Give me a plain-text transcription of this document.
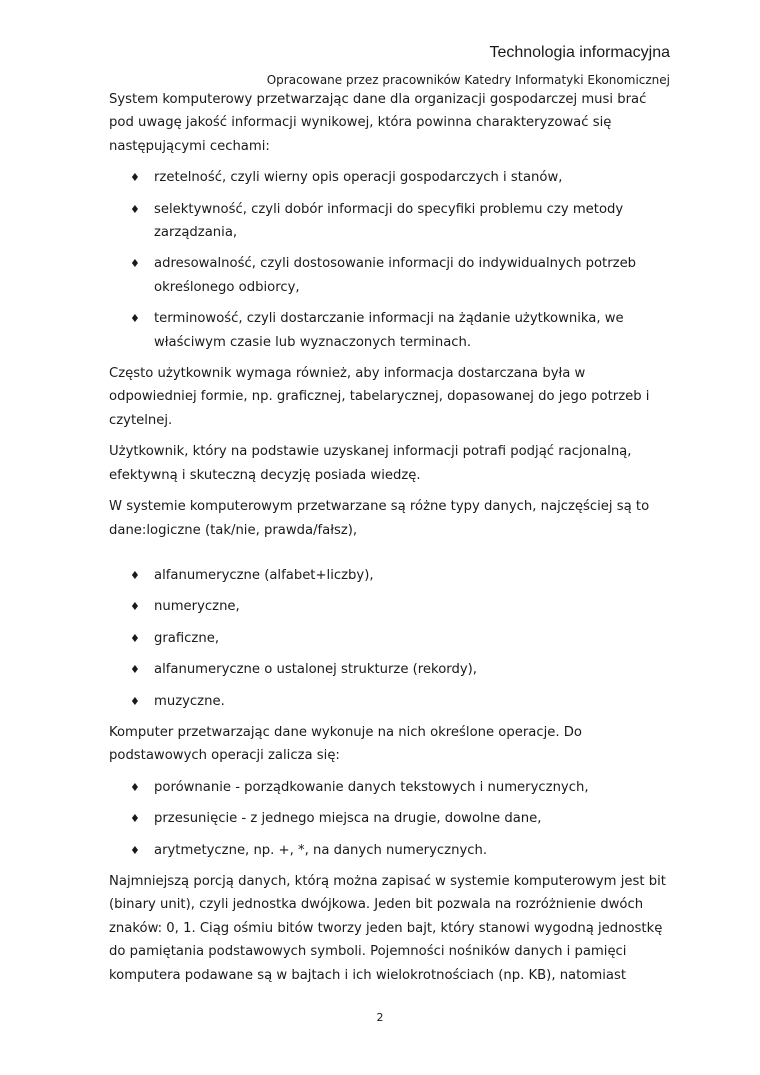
Technologia informacyjna
Opracowane przez pracowników Katedry Informatyki Ekonomicznej

System komputerowy przetwarzając dane dla organizacji gospodarczej musi brać pod uwagę jakość informacji wynikowej, która powinna charakteryzować się następującymi cechami:

♦ rzetelność, czyli wierny opis operacji gospodarczych i stanów,
♦ selektywność, czyli dobór informacji do specyfiki problemu czy metody zarządzania,
♦ adresowalność, czyli dostosowanie informacji do indywidualnych potrzeb określonego odbiorcy,
♦ terminowość, czyli dostarczanie informacji na żądanie użytkownika, we właściwym czasie lub wyznaczonych terminach.

Często użytkownik wymaga również, aby informacja dostarczana była w odpowiedniej formie, np. graficznej, tabelarycznej, dopasowanej do jego potrzeb i czytelnej.

Użytkownik, który na podstawie uzyskanej informacji potrafi podjąć racjonalną, efektywną i skuteczną decyzję posiada wiedzę.

W systemie komputerowym przetwarzane są różne typy danych, najczęściej są to dane:logiczne (tak/nie, prawda/fałsz),

♦ alfanumeryczne (alfabet+liczby),
♦ numeryczne,
♦ graficzne,
♦ alfanumeryczne o ustalonej strukturze (rekordy),
♦ muzyczne.

Komputer przetwarzając dane wykonuje na nich określone operacje. Do podstawowych operacji zalicza się:

♦ porównanie - porządkowanie danych tekstowych i numerycznych,
♦ przesunięcie - z jednego miejsca na drugie, dowolne dane,
♦ arytmetyczne, np. +, *, na danych numerycznych.

Najmniejszą porcją danych, którą można zapisać w systemie komputerowym jest bit (binary unit), czyli jednostka dwójkowa. Jeden bit pozwala na rozróżnienie dwóch znaków: 0, 1. Ciąg ośmiu bitów tworzy jeden bajt, który stanowi wygodną jednostkę do pamiętania podstawowych symboli. Pojemności nośników danych i pamięci komputera podawane są w bajtach i ich wielokrotnościach (np. KB), natomiast

2
